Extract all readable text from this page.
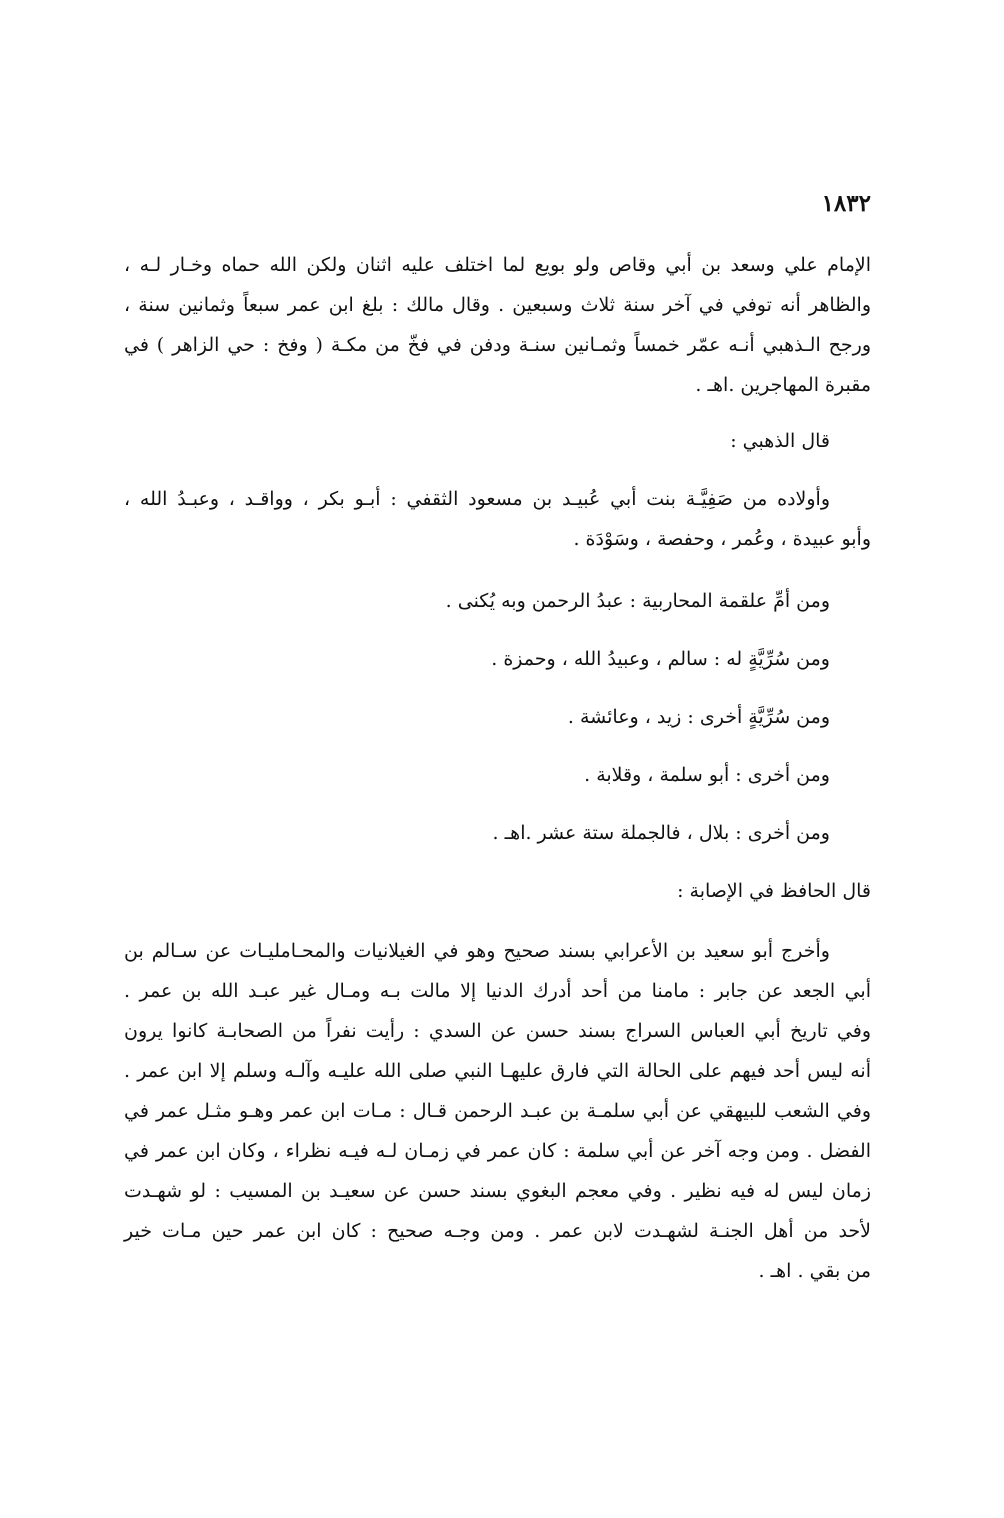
١٨٣٢
الإمام علي وسعد بن أبي وقاص ولو بويع لما اختلف عليه اثنان ولكن الله حماه وخـار لـه ،
والظاهر أنه توفي في آخر سنة ثلاث وسبعين . وقال مالك : بلغ ابن عمر سبعاً وثمانين سنة ،
ورجح الـذهبي أنـه عمّر خمساً وثمـانين سنـة ودفن في فخّ من مكـة ( وفخ : حي الزاهر ) في
مقبرة المهاجرين .اهـ .
قال الذهبي :
وأولاده من صَفِيَّـة بنت أبي عُبيـد بن مسعود الثقفي : أبـو بكر ، وواقـد ، وعبـدُ الله ،
وأبو عبيدة ، وعُمر ، وحفصة ، وسَوْدَة .
ومن أمِّ علقمة المحاربية : عبدُ الرحمن وبه يُكنى .
ومن سُرِّيَّةٍ له : سالم ، وعبيدُ الله ، وحمزة .
ومن سُرِّيَّةٍ أخرى : زيد ، وعائشة .
ومن أخرى : أبو سلمة ، وقلابة .
ومن أخرى : بلال ، فالجملة ستة عشر .اهـ .
قال الحافظ في الإصابة :
وأخرج أبو سعيد بن الأعرابي بسند صحيح وهو في الغيلانيات والمحـامليـات عن سـالم بن
أبي الجعد عن جابر : مامنا من أحد أدرك الدنيا إلا مالت بـه ومـال غير عبـد الله بن عمر .
وفي تاريخ أبي العباس السراج بسند حسن عن السدي : رأيت نفراً من الصحابـة كانوا يرون
أنه ليس أحد فيهم على الحالة التي فارق عليهـا النبي صلى الله عليـه وآلـه وسلم إلا ابن عمر .
وفي الشعب للبيهقي عن أبي سلمـة بن عبـد الرحمن قـال : مـات ابن عمر وهـو مثـل عمر في
الفضل . ومن وجه آخر عن أبي سلمة : كان عمر في زمـان لـه فيـه نظراء ، وكان ابن عمر في
زمان ليس له فيه نظير . وفي معجم البغوي بسند حسن عن سعيـد بن المسيب : لو شهـدت
لأحد من أهل الجنـة لشهـدت لابن عمر . ومن وجـه صحيح : كان ابن عمر حين مـات خير
من بقي . اهـ .
